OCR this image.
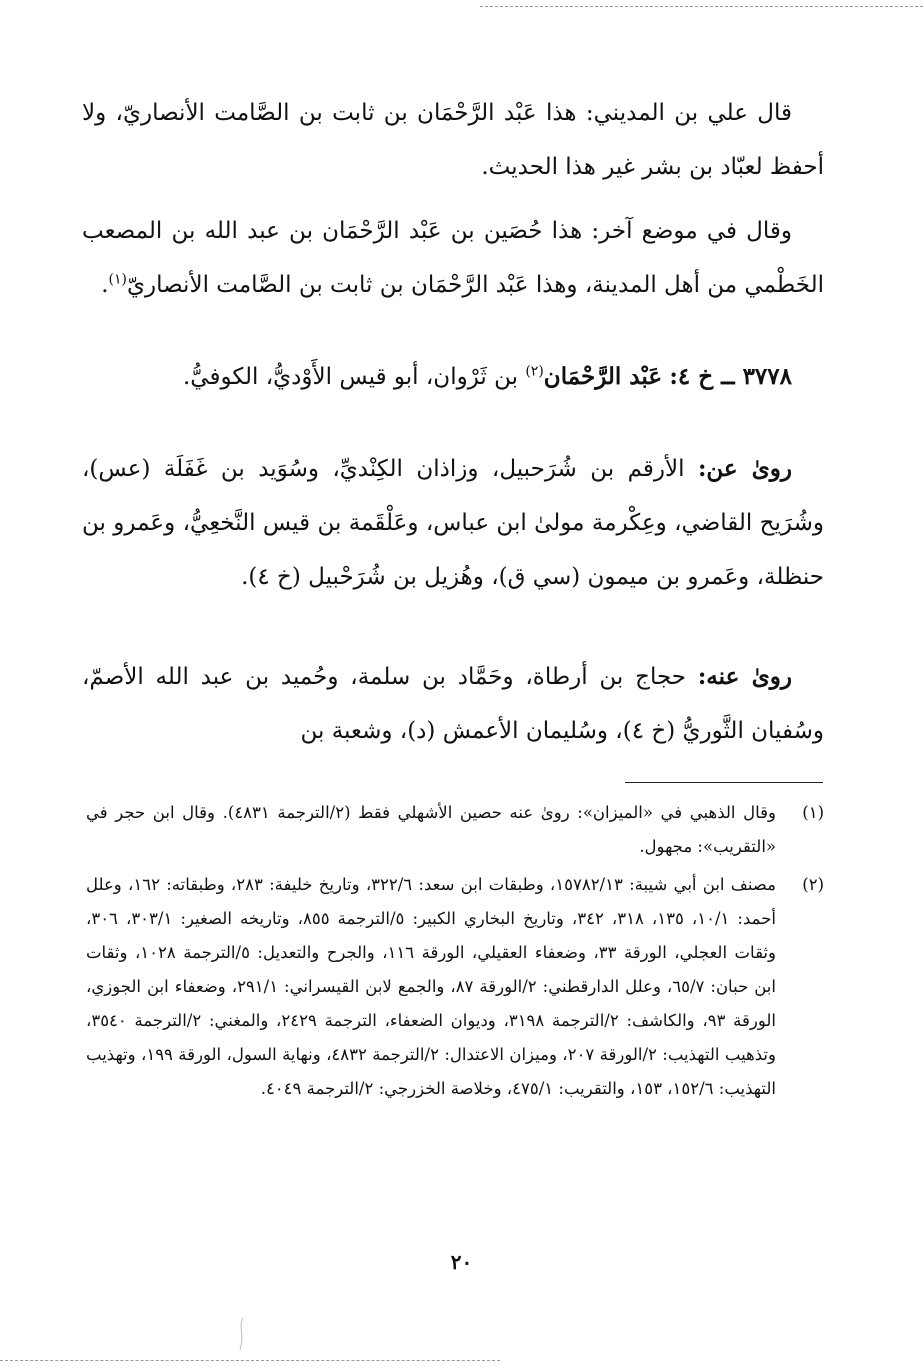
قال علي بن المديني: هذا عَبْد الرَّحْمَان بن ثابت بن الصَّامت الأنصاريّ، ولا أحفظ لعبّاد بن بشر غير هذا الحديث.
وقال في موضع آخر: هذا حُصَين بن عَبْد الرَّحْمَان بن عبد الله بن المصعب الخَطْمي من أهل المدينة، وهذا عَبْد الرَّحْمَان بن ثابت بن الصَّامت الأنصاريّ$^{(١)}$.
٣٧٧٨ ــ خ ٤: عَبْد الرَّحْمَان$^{(٢)}$ بن ثَرْوان، أبو قيس الأَوْديُّ، الكوفيُّ.
روىٰ عن: الأرقم بن شُرَحبيل، وزاذان الكِنْديِّ، وسُوَيد بن غَفَلَة (عس)، وشُرَيح القاضي، وعِكْرمة مولىٰ ابن عباس، وعَلْقَمة بن قيس النَّخعِيُّ، وعَمرو بن حنظلة، وعَمرو بن ميمون (سي ق)، وهُزيل بن شُرَحْبيل (خ ٤).
روىٰ عنه: حجاج بن أرطاة، وحَمَّاد بن سلمة، وحُميد بن عبد الله الأصمّ، وسُفيان الثَّوريُّ (خ ٤)، وسُليمان الأعمش (د)، وشعبة بن
(١)
وقال الذهبي في «الميزان»: روىٰ عنه حصين الأشهلي فقط (٢/الترجمة ٤٨٣١). وقال ابن حجر في «التقريب»: مجهول.
(٢)
مصنف ابن أبي شيبة: ١٥٧٨٢/١٣، وطبقات ابن سعد: ٣٢٢/٦، وتاريخ خليفة: ٢٨٣، وطبقاته: ١٦٢، وعلل أحمد: ١٠/١، ١٣٥، ٣١٨، ٣٤٢، وتاريخ البخاري الكبير: ٥/الترجمة ٨٥٥، وتاريخه الصغير: ٣٠٣/١، ٣٠٦، وثقات العجلي، الورقة ٣٣، وضعفاء العقيلي، الورقة ١١٦، والجرح والتعديل: ٥/الترجمة ١٠٢٨، وثقات ابن حبان: ٦٥/٧، وعلل الدارقطني: ٢/الورقة ٨٧، والجمع لابن القيسراني: ٢٩١/١، وضعفاء ابن الجوزي، الورقة ٩٣، والكاشف: ٢/الترجمة ٣١٩٨، وديوان الضعفاء، الترجمة ٢٤٢٩، والمغني: ٢/الترجمة ٣٥٤٠، وتذهيب التهذيب: ٢/الورقة ٢٠٧، وميزان الاعتدال: ٢/الترجمة ٤٨٣٢، ونهاية السول، الورقة ١٩٩، وتهذيب التهذيب: ١٥٢/٦، ١٥٣، والتقريب: ٤٧٥/١، وخلاصة الخزرجي: ٢/الترجمة ٤٠٤٩.
٢٠
